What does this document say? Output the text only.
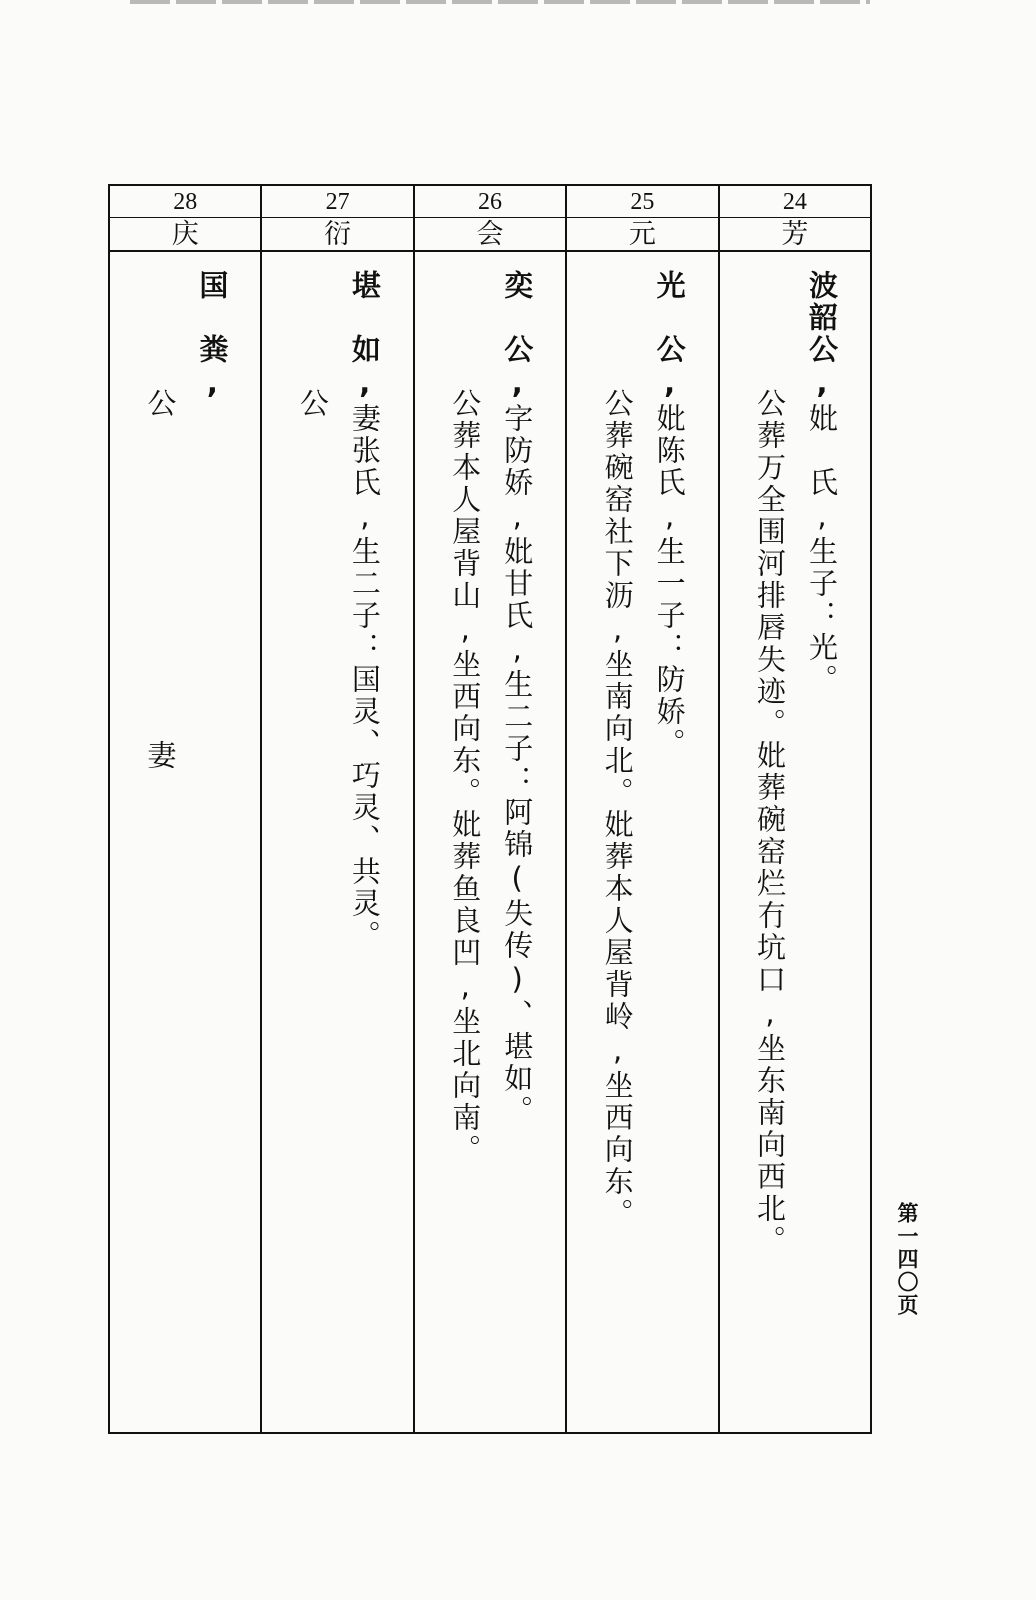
28
庆
国　粪,
公　　　　　　　　　　妻
27
衍
堪　如,妻张氏,生二子：国灵、巧灵、共灵。
公
26
会
奕　公,字防娇,妣甘氏,生二子：阿锦(失传)、堪如。
公葬本人屋背山,坐西向东。妣葬鱼良凹,坐北向南。
25
元
光　公,妣陈氏,生一子：防娇。
公葬碗窑社下沥,坐南向北。妣葬本人屋背岭,坐西向东。
24
芳
波韶公,妣　氏,生子：光。
公葬万全围河排唇失迹。妣葬碗窑烂冇坑口,坐东南向西北。
第一四〇页
